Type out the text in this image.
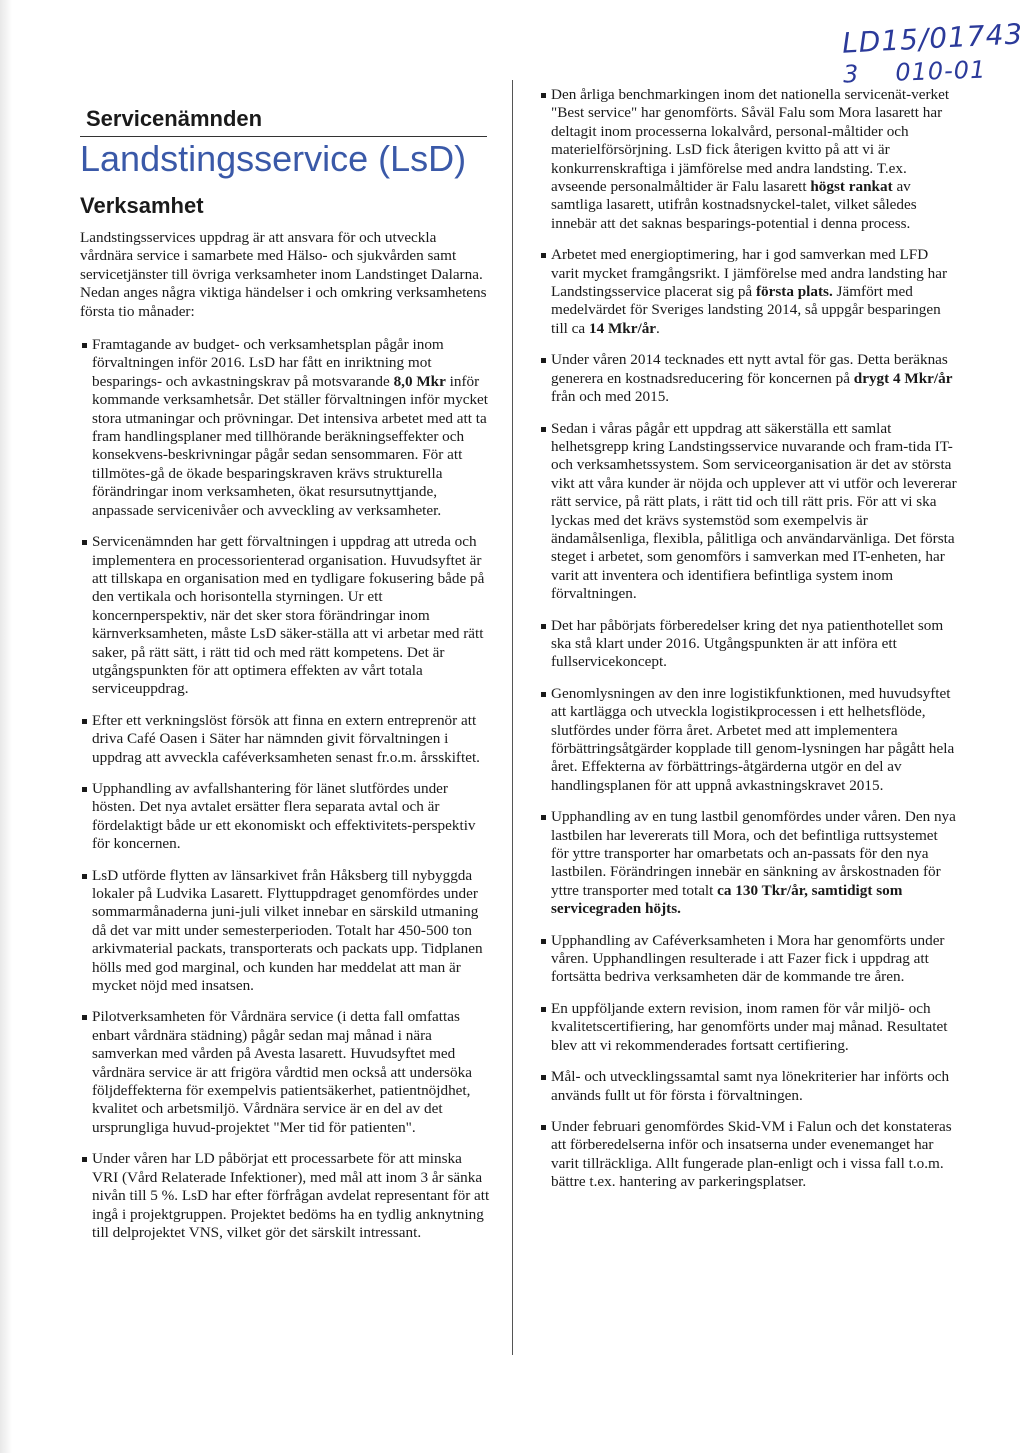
LD15/01743
3 010-01
Servicenämnden
Landstingsservice (LsD)
Verksamhet

Landstingsservices uppdrag är att ansvara för och utveckla vårdnära service i samarbete med Hälso- och sjukvården samt servicetjänster till övriga verksamheter inom Landstinget Dalarna. Nedan anges några viktiga händelser i och omkring verksamhetens första tio månader:

Framtagande av budget- och verksamhetsplan pågår inom förvaltningen inför 2016. LsD har fått en inriktning mot besparings- och avkastningskrav på motsvarande 8,0 Mkr inför kommande verksamhetsår. Det ställer förvaltningen inför mycket stora utmaningar och prövningar. Det intensiva arbetet med att ta fram handlingsplaner med tillhörande beräkningseffekter och konsekvens-beskrivningar pågår sedan sensommaren. För att tillmötes-gå de ökade besparingskraven krävs strukturella förändringar inom verksamheten, ökat resursutnyttjande, anpassade servicenivåer och avveckling av verksamheter.
Servicenämnden har gett förvaltningen i uppdrag att utreda och implementera en processorienterad organisation. Huvudsyftet är att tillskapa en organisation med en tydligare fokusering både på den vertikala och horisontella styrningen. Ur ett koncernperspektiv, när det sker stora förändringar inom kärnverksamheten, måste LsD säker-ställa att vi arbetar med rätt saker, på rätt sätt, i rätt tid och med rätt kompetens. Det är utgångspunkten för att optimera effekten av vårt totala serviceuppdrag.
Efter ett verkningslöst försök att finna en extern entreprenör att driva Café Oasen i Säter har nämnden givit förvaltningen i uppdrag att avveckla caféverksamheten senast fr.o.m. årsskiftet.
Upphandling av avfallshantering för länet slutfördes under hösten. Det nya avtalet ersätter flera separata avtal och är fördelaktigt både ur ett ekonomiskt och effektivitets-perspektiv för koncernen.
LsD utförde flytten av länsarkivet från Håksberg till nybyggda lokaler på Ludvika Lasarett. Flyttuppdraget genomfördes under sommarmånaderna juni-juli vilket innebar en särskild utmaning då det var mitt under semesterperioden. Totalt har 450-500 ton arkivmaterial packats, transporterats och packats upp. Tidplanen hölls med god marginal, och kunden har meddelat att man är mycket nöjd med insatsen.
Pilotverksamheten för Vårdnära service (i detta fall omfattas enbart vårdnära städning) pågår sedan maj månad i nära samverkan med vården på Avesta lasarett. Huvudsyftet med vårdnära service är att frigöra vårdtid men också att undersöka följdeffekterna för exempelvis patientsäkerhet, patientnöjdhet, kvalitet och arbetsmiljö. Vårdnära service är en del av det ursprungliga huvud-projektet "Mer tid för patienten".
Under våren har LD påbörjat ett processarbete för att minska VRI (Vård Relaterade Infektioner), med mål att inom 3 år sänka nivån till 5 %. LsD har efter förfrågan avdelat representant för att ingå i projektgruppen. Projektet bedöms ha en tydlig anknytning till delprojektet VNS, vilket gör det särskilt intressant.
Den årliga benchmarkingen inom det nationella servicenät-verket "Best service" har genomförts. Såväl Falu som Mora lasarett har deltagit inom processerna lokalvård, personal-måltider och materielförsörjning. LsD fick återigen kvitto på att vi är konkurrenskraftiga i jämförelse med andra landsting. T.ex. avseende personalmåltider är Falu lasarett högst rankat av samtliga lasarett, utifrån kostnadsnyckel-talet, vilket således innebär att det saknas besparings-potential i denna process.
Arbetet med energioptimering, har i god samverkan med LFD varit mycket framgångsrikt. I jämförelse med andra landsting har Landstingsservice placerat sig på första plats. Jämfört med medelvärdet för Sveriges landsting 2014, så uppgår besparingen till ca 14 Mkr/år.
Under våren 2014 tecknades ett nytt avtal för gas. Detta beräknas generera en kostnadsreducering för koncernen på drygt 4 Mkr/år från och med 2015.
Sedan i våras pågår ett uppdrag att säkerställa ett samlat helhetsgrepp kring Landstingsservice nuvarande och fram-tida IT- och verksamhetssystem. Som serviceorganisation är det av största vikt att våra kunder är nöjda och upplever att vi utför och levererar rätt service, på rätt plats, i rätt tid och till rätt pris. För att vi ska lyckas med det krävs systemstöd som exempelvis är ändamålsenliga, flexibla, pålitliga och användarvänliga. Det första steget i arbetet, som genomförs i samverkan med IT-enheten, har varit att inventera och identifiera befintliga system inom förvaltningen.
Det har påbörjats förberedelser kring det nya patienthotellet som ska stå klart under 2016. Utgångspunkten är att införa ett fullservicekoncept.
Genomlysningen av den inre logistikfunktionen, med huvudsyftet att kartlägga och utveckla logistikprocessen i ett helhetsflöde, slutfördes under förra året. Arbetet med att implementera förbättringsåtgärder kopplade till genom-lysningen har pågått hela året. Effekterna av förbättrings-åtgärderna utgör en del av handlingsplanen för att uppnå avkastningskravet 2015.
Upphandling av en tung lastbil genomfördes under våren. Den nya lastbilen har levererats till Mora, och det befintliga ruttsystemet för yttre transporter har omarbetats och an-passats för den nya lastbilen. Förändringen innebär en sänkning av årskostnaden för yttre transporter med totalt ca 130 Tkr/år, samtidigt som servicegraden höjts.
Upphandling av Caféverksamheten i Mora har genomförts under våren. Upphandlingen resulterade i att Fazer fick i uppdrag att fortsätta bedriva verksamheten där de kommande tre åren.
En uppföljande extern revision, inom ramen för vår miljö- och kvalitetscertifiering, har genomförts under maj månad. Resultatet blev att vi rekommenderades fortsatt certifiering.
Mål- och utvecklingssamtal samt nya lönekriterier har införts och används fullt ut för första i förvaltningen.
Under februari genomfördes Skid-VM i Falun och det konstateras att förberedelserna inför och insatserna under evenemanget har varit tillräckliga. Allt fungerade plan-enligt och i vissa fall t.o.m. bättre t.ex. hantering av parkeringsplatser.
